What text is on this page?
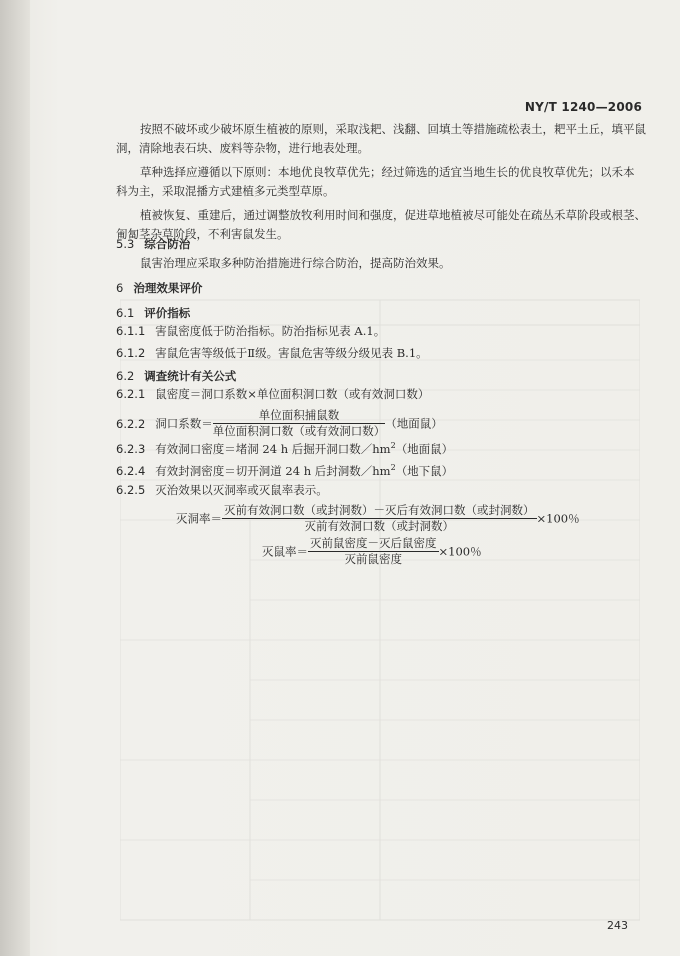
NY/T 1240—2006
按照不破坏或少破坏原生植被的原则，采取浅耙、浅翻、回填土等措施疏松表土，耙平土丘，填平鼠
洞，清除地表石块、废料等杂物，进行地表处理。
草种选择应遵循以下原则：本地优良牧草优先；经过筛选的适宜当地生长的优良牧草优先；以禾本
科为主，采取混播方式建植多元类型草原。
植被恢复、重建后，通过调整放牧利用时间和强度，促进草地植被尽可能处在疏丛禾草阶段或根茎、
匍匐茎杂草阶段，不利害鼠发生。
5.3 综合防治
鼠害治理应采取多种防治措施进行综合防治，提高防治效果。
6 治理效果评价
6.1 评价指标
6.1.1 害鼠密度低于防治指标。防治指标见表 A.1。
6.1.2 害鼠危害等级低于Ⅱ级。害鼠危害等级分级见表 B.1。
6.2 调查统计有关公式
6.2.1 鼠密度＝洞口系数×单位面积洞口数（或有效洞口数）
6.2.2 洞口系数＝ $\frac{\text{单位面积捕鼠数}}{\text{单位面积洞口数（或有效洞口数）}}$ （地面鼠）
6.2.3 有效洞口密度＝堵洞 24 h 后掘开洞口数$/hm^2$（地面鼠）
6.2.4 有效封洞密度＝切开洞道 24 h 后封洞数$/hm^2$（地下鼠）
6.2.5 灭治效果以灭洞率或灭鼠率表示。
灭洞率＝ $\frac{\text{灭前有效洞口数（或封洞数）－灭后有效洞口数（或封洞数）}}{\text{灭前有效洞口数（或封洞数）}} \times 100$％
灭鼠率＝ $\frac{\text{灭前鼠密度－灭后鼠密度}}{\text{灭前鼠密度}} \times 100$％
243
